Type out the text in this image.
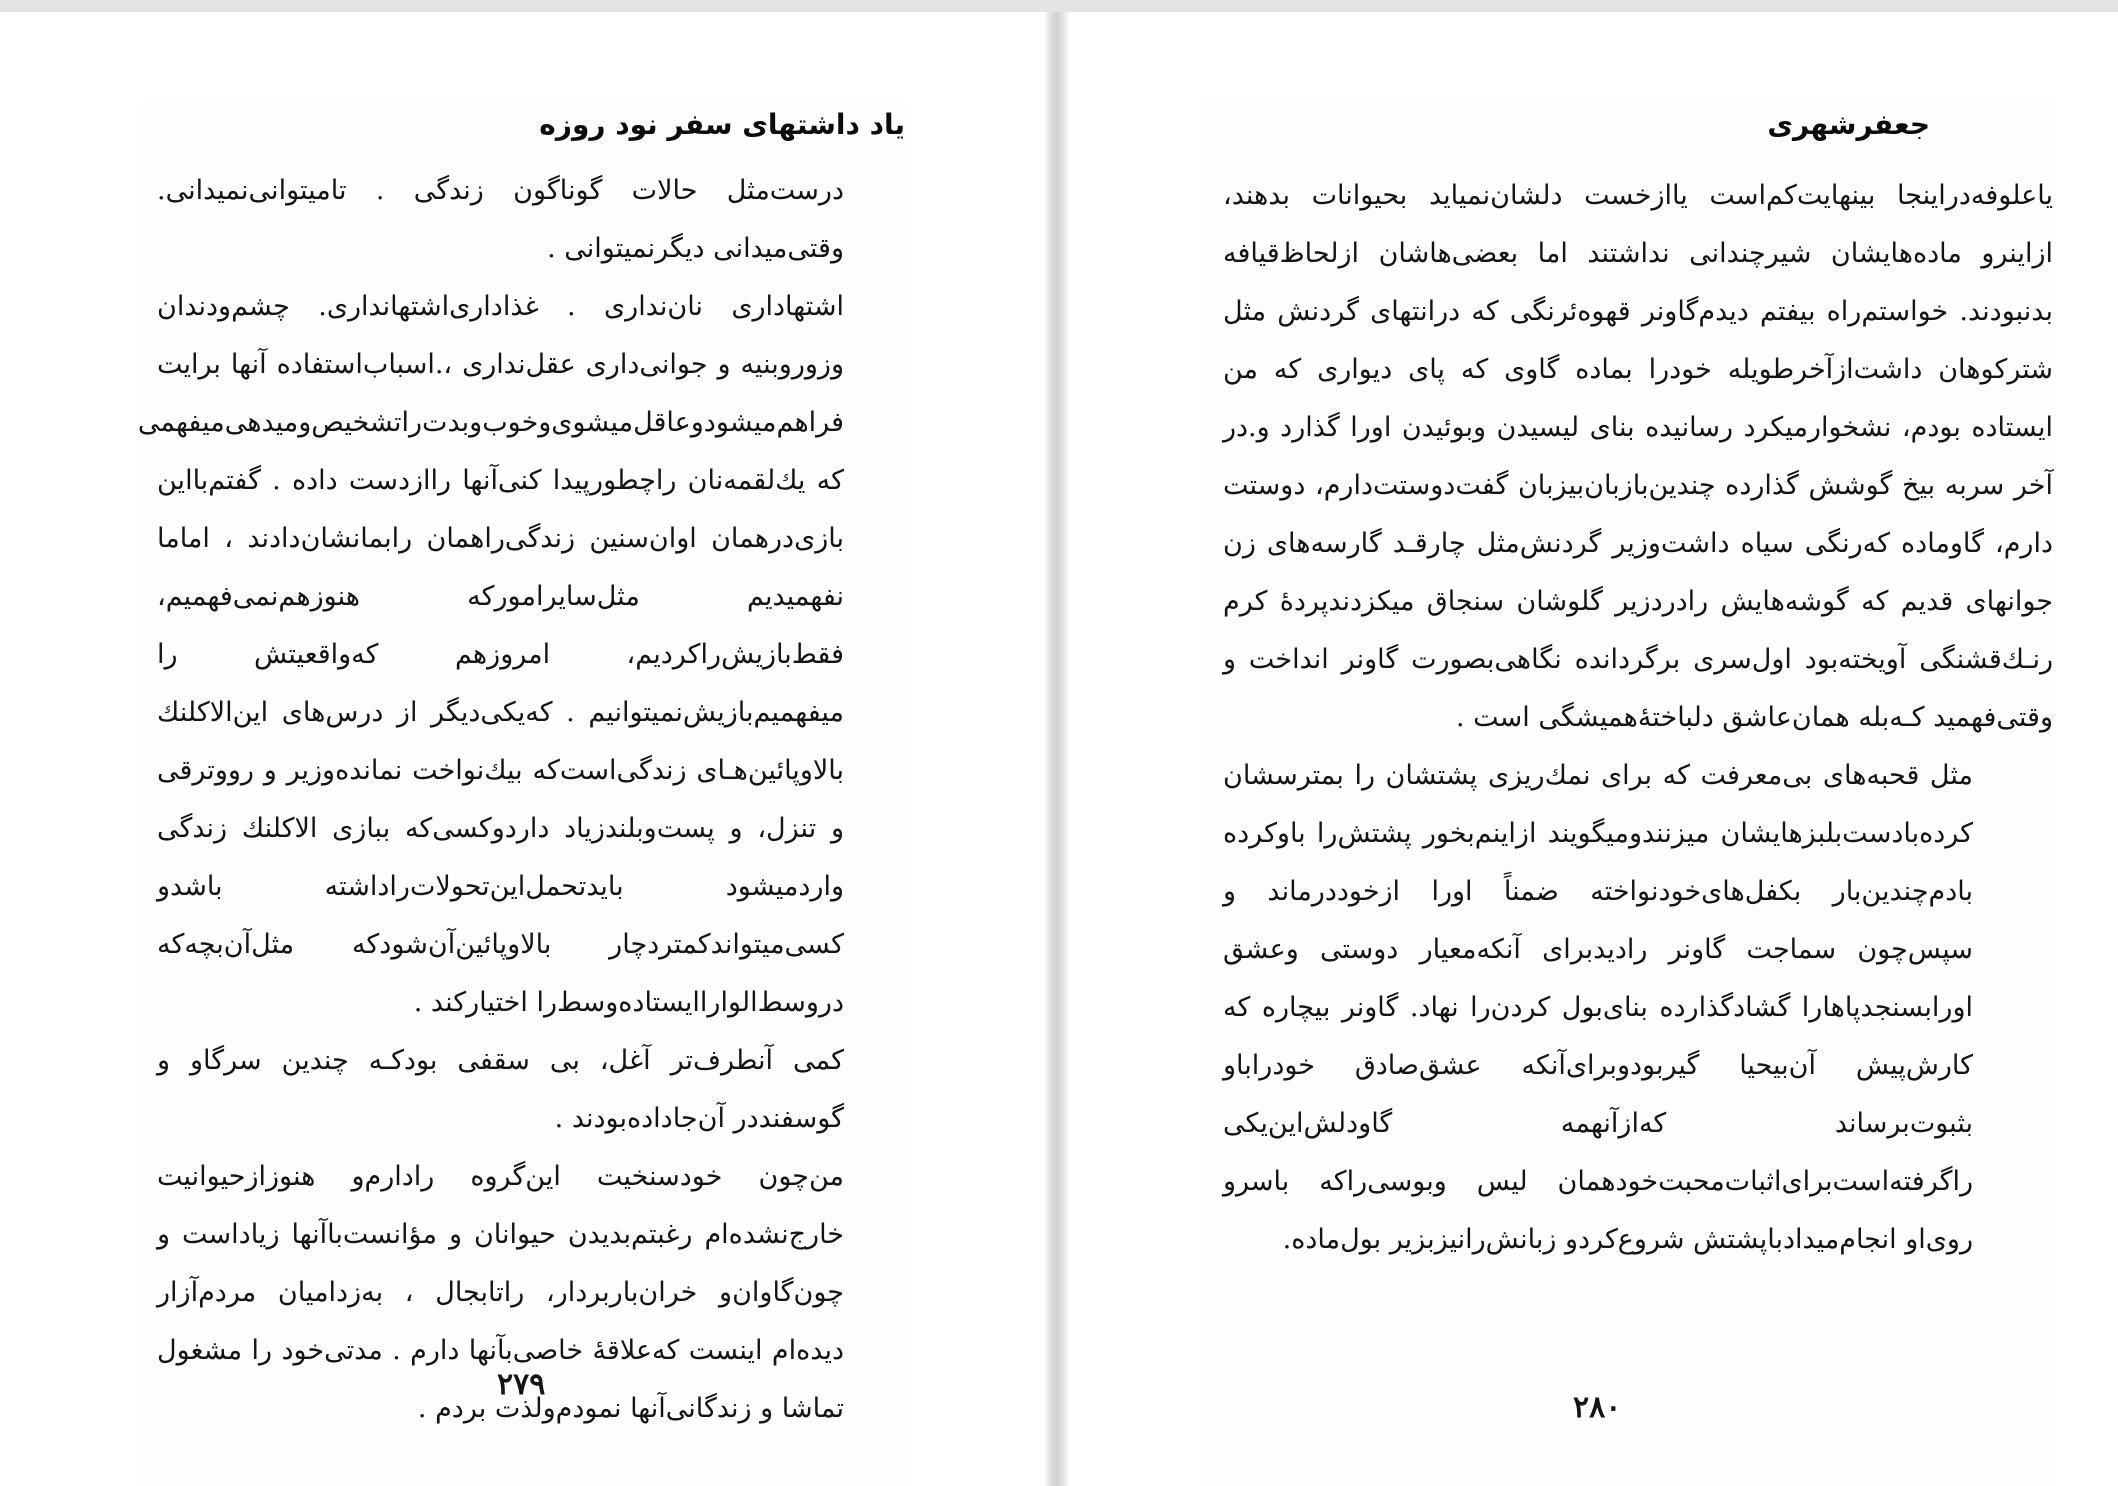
یاد داشتهای سفر نود روزه

درست‌مثل حالات گوناگون زندگی . تامیتوانی‌نمیدانی. وقتی‌میدانی دیگرنمیتوانی .

اشتهاداری نان‌نداری . غذاداری‌اشتهانداری. چشم‌ودندان وزوروبنیه و جوانی‌داری عقل‌نداری ،.اسباب‌استفاده آنها برایت فراهم‌میشودوعاقل‌میشوی‌وخوب‌وبدت‌راتشخیص‌ومیدهی‌میفهمی که یك‌لقمه‌نان راچطورپیدا کنی‌آنها راازدست داده . گفتم‌بااین بازی‌درهمان اوان‌سنین زندگی‌راهمان رابمانشان‌دادند ، اماما نفهمیدیم مثل‌سایرامورکه هنوزهم‌نمی‌فهمیم، فقط‌بازیش‌راکردیم، امروزهم که‌واقعیتش را میفهمیم‌بازیش‌نمیتوانیم . که‌یکی‌دیگر از درس‌های این‌الاکلنك بالاوپائین‌هـای زندگی‌است‌که بیك‌نواخت نمانده‌وزیر و رووترقی و تنزل، و پست‌وبلندزیاد داردوکسی‌که ببازی الاکلنك زندگی واردمیشود بایدتحمل‌این‌تحولات‌راداشته باشدو کسی‌میتواندکمتردچار بالاوپائین‌آن‌شودکه مثل‌آن‌بچه‌که دروسط‌الواراایستاده‌وسط‌را اختیارکند .

کمی آنطرف‌تر آغل، بی سقفی بودکـه چندین سرگاو و گوسفنددر آن‌جاداده‌بودند .

من‌چون خودسنخیت این‌گروه رادارم‌و هنوزازحیوانیت خارج‌نشده‌ام رغبتم‌بدیدن حیوانان و مؤانست‌باآنها زیاداست و چون‌گاوان‌و خران‌باربردار، راتابجال ، به‌زدامیان مردم‌آزار دیده‌ام اینست که‌علاقهٔ خاصی‌بآنها دارم . مدتی‌خود را مشغول تماشا و زندگانی‌آنها نمودم‌ولذت بردم .

۲۷۹
جعفرشهری

یاعلوفه‌دراینجا بینهایت‌کم‌است یاازخست دلشان‌نمیاید بحیوانات بدهند، ازاینرو ماده‌هایشان شیرچندانی نداشتند اما بعضی‌هاشان ازلحاظ‌قیافه بدنبودند. خواستم‌راه بیفتم دیدم‌گاونر قهوه‌ئرنگی که درانتهای گردنش مثل شترکوهان داشت‌ازآخرطویله خودرا بماده گاوی که پای دیواری که من ایستاده بودم، نشخوارمیکرد رسانیده بنای لیسیدن وبوئیدن اورا گذارد و.در آخر سربه بیخ گوشش گذارده چندین‌بازبان‌بیزبان گفت‌دوستت‌دارم، دوستت دارم، گاوماده که‌رنگی سیاه داشت‌وزیر گردنش‌مثل چارقـد گارسه‌های زن جوانهای قدیم که گوشه‌هایش رادردزیر گلوشان سنجاق میکزدندپردهٔ کرم رنـك‌قشنگی آویخته‌بود اول‌سری برگردانده نگاهی‌بصورت گاونر انداخت و وقتی‌فهمید کـه‌بله همان‌عاشق دلباختهٔ‌همیشگی است .

مثل قحبه‌های بی‌معرفت که برای نمك‌ریزی پشتشان را بمترسشان کرده‌بادست‌بلبزهایشان میزنندومیگویند ازاینم‌بخور پشتش‌را باوکرده بادم‌چندین‌بار بکفل‌های‌خودنواخته ضمناً اورا ازخوددرماند و سپس‌چون سماجت گاونر رادیدبرای آنکه‌معیار دوستی وعشق اورابسنجدپاهارا گشادگذارده بنای‌بول کردن‌را نهاد. گاونر بیچاره که کارش‌پیش آن‌بیحیا گیربودوبرای‌آنکه عشق‌صادق خودرا‌باو بثبوت‌برساند که‌ازآنهمه گاودلش‌این‌یکی راگرفته‌است‌برای‌اثبات‌محبت‌خودهمان لیس وبوسی‌راکه باسرو روی‌او انجام‌میداد‌باپشتش شروع‌کردو زبانش‌رانیزبزیر بول‌ماده.

۲۸۰
